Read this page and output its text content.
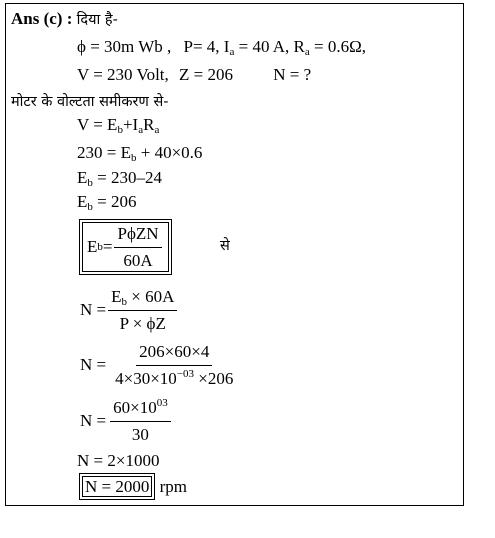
Ans (c) : दिया है-
ϕ = 30m Wb , P= 4, $I_a = 40$ A, $R_a = 0.6\Omega$,
V = 230 Volt, Z = 206 N = ?
मोटर के वोल्टता समीकरण से-
$V = E_b+I_aR_a$
$230 = E_b + 40\times 0.6$
$E_b = 230-24$
$E_b = 206$
E $b = \frac{\text{PϕZN}}{60A}$	से
$N = \frac{E_b \times 60A}{P \times \phi Z}$
$N = \frac{206\times 60\times 4}{4\times 30\times 10^{-03} \times 206}$
$N = \frac{60\times 10^{03}}{30}$
N = 2×1000
N = 2000 rpm
